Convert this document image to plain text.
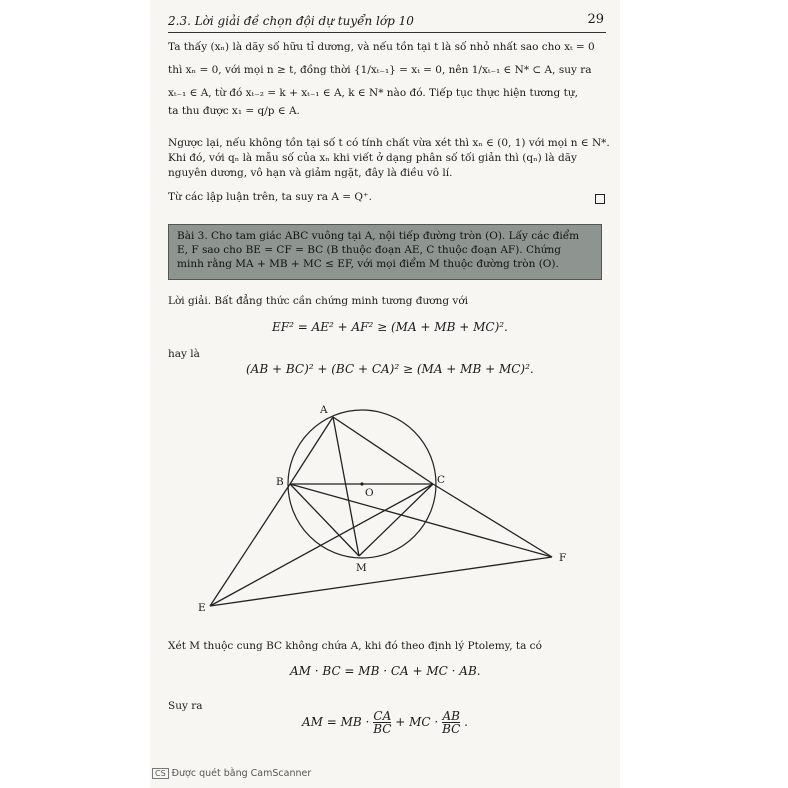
2.3. Lời giải đề chọn đội dự tuyển lớp 10	29
Ta thấy (xₙ) là dãy số hữu tỉ dương, và nếu tồn tại t là số nhỏ nhất sao cho xₜ = 0
thì xₙ = 0, với mọi n ≥ t, đồng thời {1/xₜ₋₁} = xₜ = 0, nên 1/xₜ₋₁ ∈ N* ⊂ A, suy ra
xₜ₋₁ ∈ A, từ đó xₜ₋₂ = k + xₜ₋₁ ∈ A, k ∈ N* nào đó. Tiếp tục thực hiện tương tự,
ta thu được x₁ = q/p ∈ A.
Ngược lại, nếu không tồn tại số t có tính chất vừa xét thì xₙ ∈ (0, 1) với mọi n ∈ N*.
Khi đó, với qₙ là mẫu số của xₙ khi viết ở dạng phân số tối giản thì (qₙ) là dãy
nguyên dương, vô hạn và giảm ngặt, đây là điều vô lí.
Từ các lập luận trên, ta suy ra A = Q⁺.
Bài 3. Cho tam giác ABC vuông tại A, nội tiếp đường tròn (O). Lấy các điểm
E, F sao cho BE = CF = BC (B thuộc đoạn AE, C thuộc đoạn AF). Chứng
minh rằng MA + MB + MC ≤ EF, với mọi điểm M thuộc đường tròn (O).
Lời giải. Bất đẳng thức cần chứng minh tương đương với
EF² = AE² + AF² ≥ (MA + MB + MC)².
hay là
(AB + BC)² + (BC + CA)² ≥ (MA + MB + MC)².
A
B	C
O
M
E
F
Xét M thuộc cung BC không chứa A, khi đó theo định lý Ptolemy, ta có
AM · BC = MB · CA + MC · AB.
Suy ra
AM = MB · $\frac{CA}{BC}$ + MC · $\frac{AB}{BC}$ .
CS Được quét bằng CamScanner
